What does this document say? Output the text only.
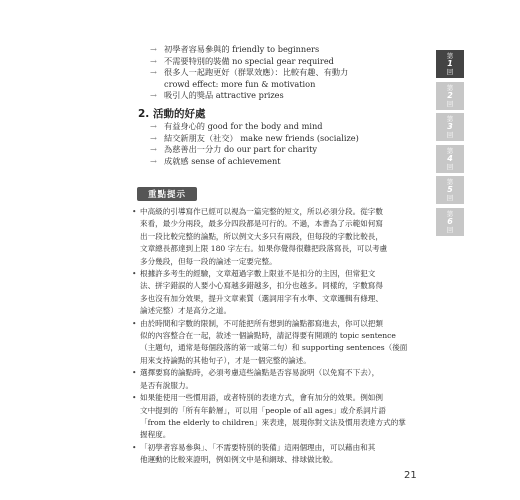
→ 初學者容易參與的 friendly to beginners
→ 不需要特別的裝備 no special gear required
→ 很多人一起跑更好（群眾效應）：比較有趣、有動力
crowd effect: more fun & motivation
→ 吸引人的獎品 attractive prizes
2. 活動的好處
→ 有益身心的 good for the body and mind
→ 結交新朋友（社交） make new friends (socialize)
→ 為慈善出一分力 do our part for charity
→ 成就感 sense of achievement
重點提示
• 中高級的引導寫作已經可以視為一篇完整的短文，所以必須分段。從字數
來看，最少分兩段，最多分四段都是可行的。不過，本書為了示範如何寫
出一段比較完整的論點，所以例文大多只有兩段，但每段的字數比較長，
文章總長都達到上限 180 字左右。如果你覺得很難把段落寫長，可以考慮
多分幾段，但每一段的論述一定要完整。
• 根據許多考生的經驗，文章超過字數上限並不是扣分的主因，但常犯文
法、拼字錯誤的人要小心寫越多錯越多，扣分也越多。同樣的，字數寫得
多也沒有加分效果，提升文章素質（選詞用字有水準、文章邏輯有條理、
論述完整）才是高分之道。
• 由於時間和字數的限制，不可能把所有想到的論點都寫進去，你可以把類
似的內容整合在一起，敘述一個論點時，請記得要有開頭的 topic sentence
（主題句，通常是每個段落的第一或第二句）和 supporting sentences（後面
用來支持論點的其他句子），才是一個完整的論述。
• 選擇要寫的論點時，必須考慮這些論點是否容易說明（以免寫不下去），
是否有說服力。
• 如果能使用一些慣用語，或者特別的表達方式，會有加分的效果。例如例
文中提到的「所有年齡層」，可以用「people of all ages」或介系詞片語
「from the elderly to children」來表達，展現你對文法及慣用表達方式的掌
握程度。
• 「初學者容易參與」、「不需要特別的裝備」這兩個理由，可以藉由和其
他運動的比較來證明，例如例文中是和網球、排球做比較。
第
1
回
第
2
回
第
3
回
第
4
回
第
5
回
第
6
回
21
